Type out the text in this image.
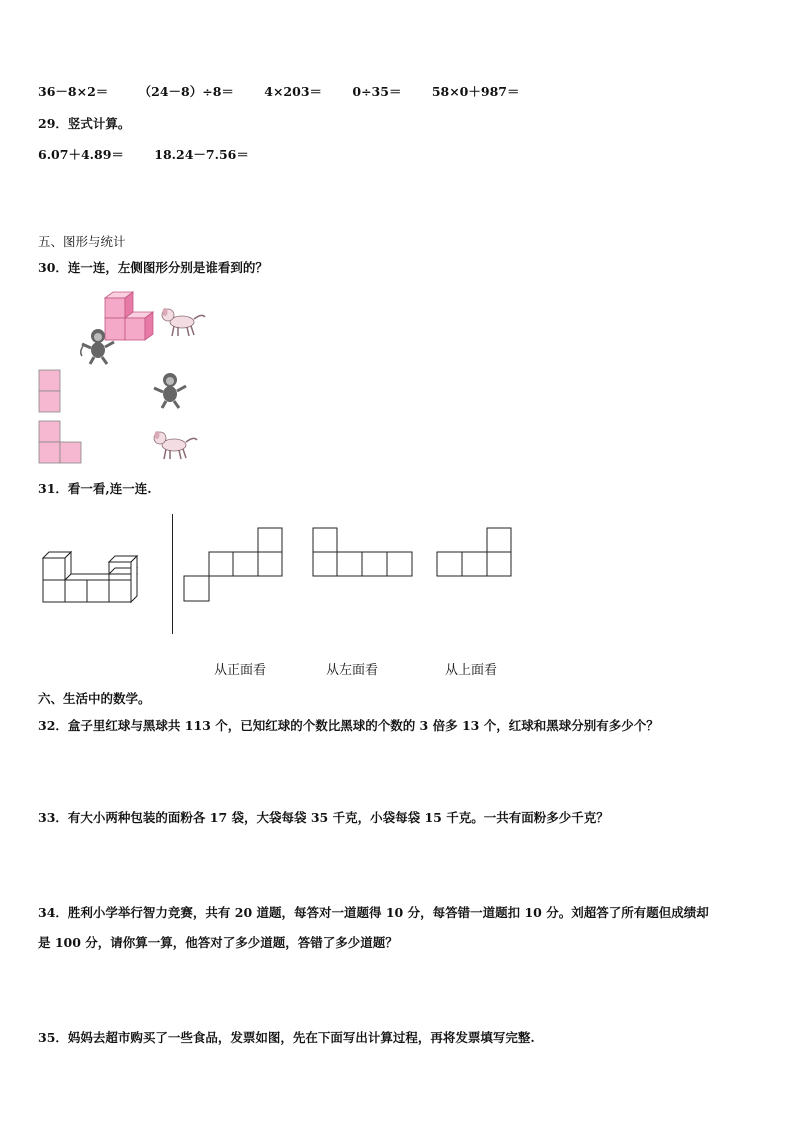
36－8×2＝ （24－8）÷8＝ 4×203＝ 0÷35＝ 58×0＋987＝
29．竖式计算。
6.07＋4.89＝ 18.24－7.56＝
五、图形与统计
30．连一连，左侧图形分别是谁看到的？
31．看一看,连一连.
从正面看	从左面看	从上面看
六、生活中的数学。
32．盒子里红球与黑球共 113 个，已知红球的个数比黑球的个数的 3 倍多 13 个，红球和黑球分别有多少个？
33．有大小两种包装的面粉各 17 袋，大袋每袋 35 千克，小袋每袋 15 千克。一共有面粉多少千克？
34．胜利小学举行智力竞赛，共有 20 道题，每答对一道题得 10 分，每答错一道题扣 10 分。刘超答了所有题但成绩却
是 100 分，请你算一算，他答对了多少道题，答错了多少道题？
35．妈妈去超市购买了一些食品，发票如图，先在下面写出计算过程，再将发票填写完整.
